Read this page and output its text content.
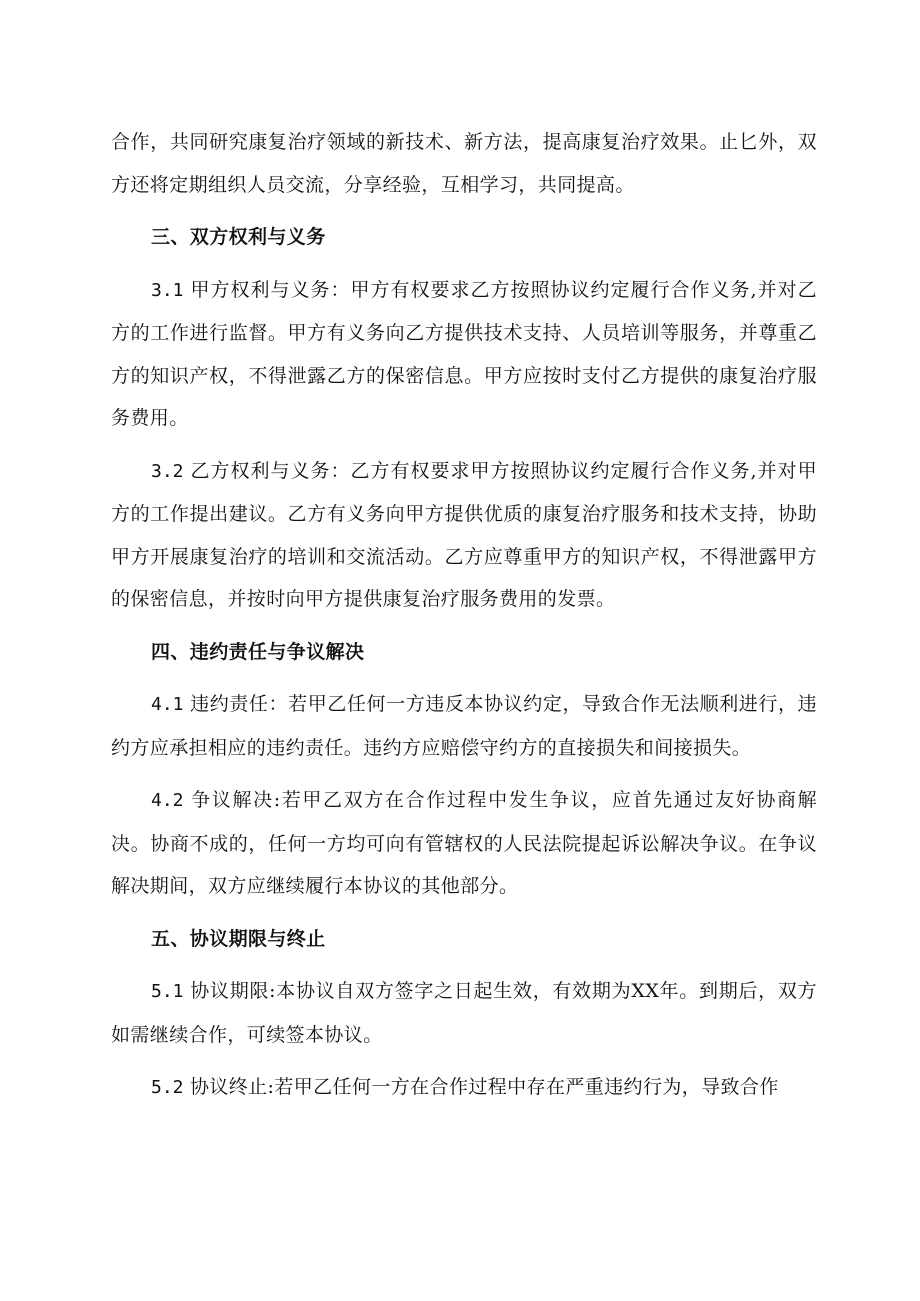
合作，共同研究康复治疗领域的新技术、新方法，提高康复治疗效果。止匕外，双方还将定期组织人员交流，分享经验，互相学习，共同提高。

三、双方权利与义务

3.1 甲方权利与义务：甲方有权要求乙方按照协议约定履行合作义务,并对乙方的工作进行监督。甲方有义务向乙方提供技术支持、人员培训等服务，并尊重乙方的知识产权，不得泄露乙方的保密信息。甲方应按时支付乙方提供的康复治疗服务费用。

3.2 乙方权利与义务：乙方有权要求甲方按照协议约定履行合作义务,并对甲方的工作提出建议。乙方有义务向甲方提供优质的康复治疗服务和技术支持，协助甲方开展康复治疗的培训和交流活动。乙方应尊重甲方的知识产权，不得泄露甲方的保密信息，并按时向甲方提供康复治疗服务费用的发票。

四、违约责任与争议解决

4.1 违约责任：若甲乙任何一方违反本协议约定，导致合作无法顺利进行，违约方应承担相应的违约责任。违约方应赔偿守约方的直接损失和间接损失。

4.2 争议解决:若甲乙双方在合作过程中发生争议，应首先通过友好协商解决。协商不成的，任何一方均可向有管辖权的人民法院提起诉讼解决争议。在争议解决期间，双方应继续履行本协议的其他部分。

五、协议期限与终止

5.1 协议期限:本协议自双方签字之日起生效，有效期为XX年。到期后，双方如需继续合作，可续签本协议。

5.2 协议终止:若甲乙任何一方在合作过程中存在严重违约行为，导致合作
